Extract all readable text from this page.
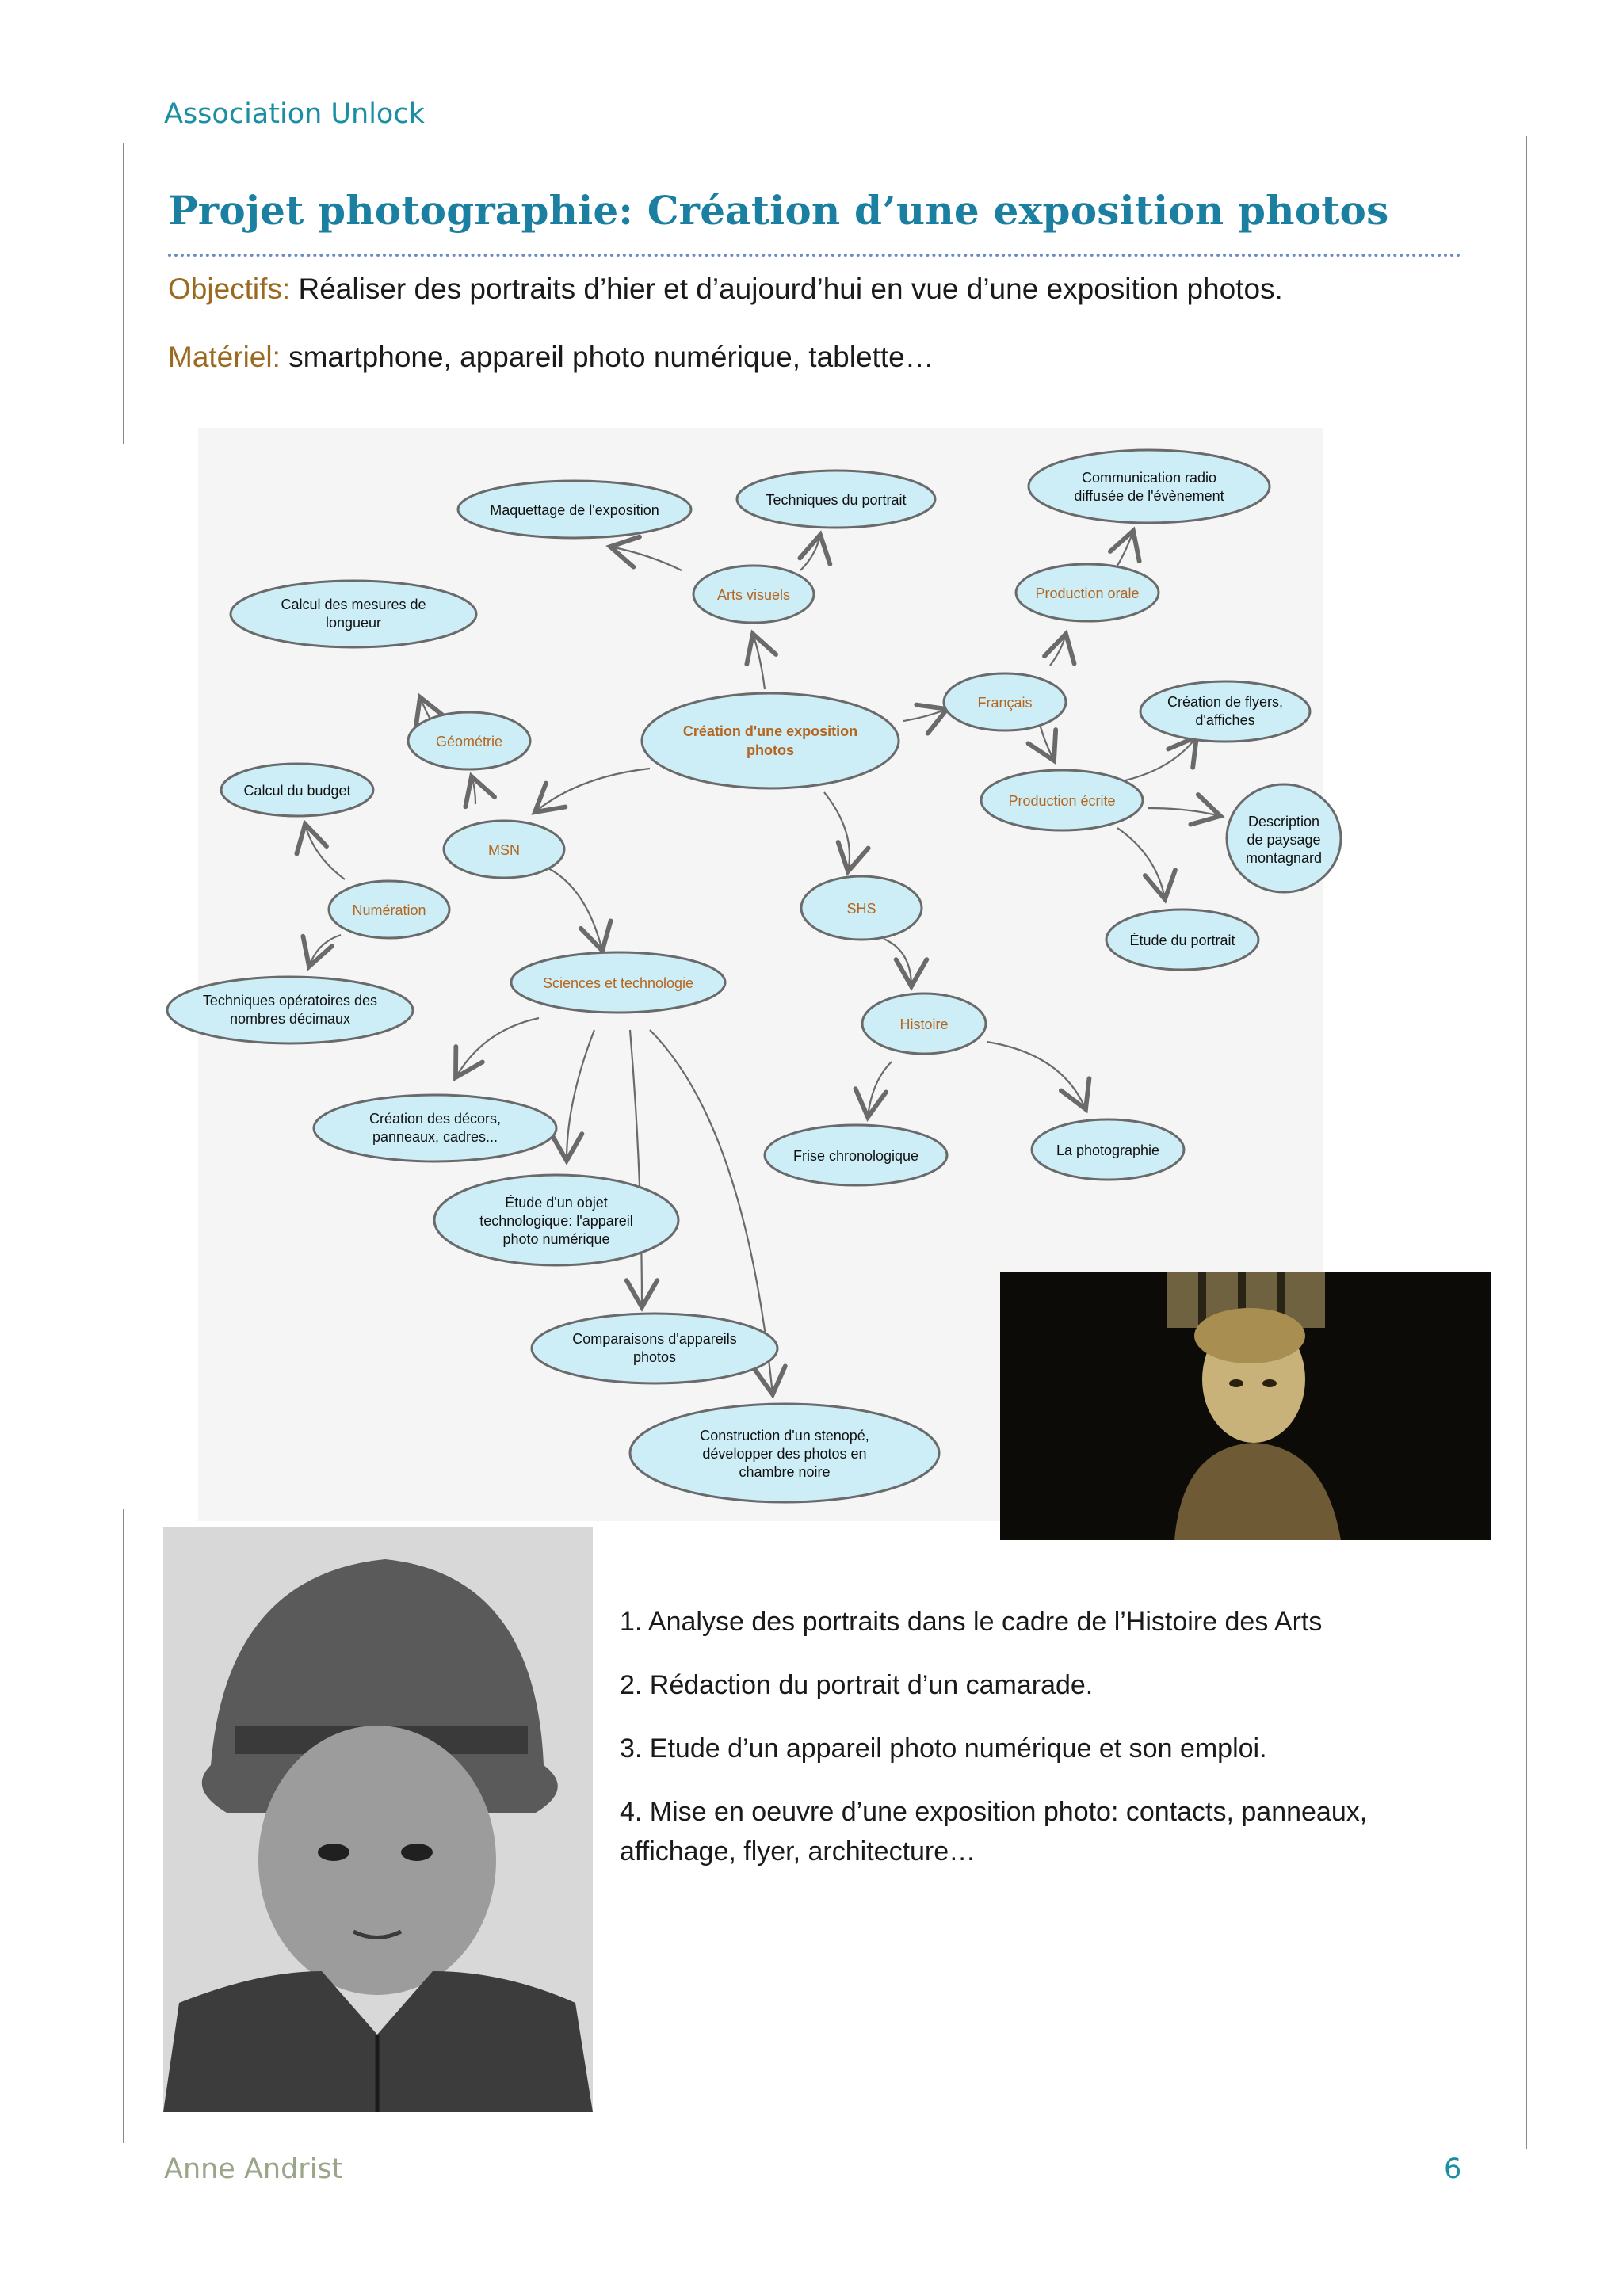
Association Unlock
Projet photographie: Création d’une exposition photos
Objectifs: Réaliser des portraits d’hier et d’aujourd’hui en vue d’une exposition photos.
Matériel: smartphone, appareil photo numérique, tablette…
Création d'une exposition
photos
Maquettage de l'exposition
Techniques du portrait
Communication radio
diffusée de l'évènement
Arts visuels	Production orale
Calcul des mesures de
longueur
Français	Création de flyers,
d'affiches
Géométrie
Production écrite
Calcul du budget
Description
de paysage
montagnard
MSN
SHS
Numération
Étude du portrait
Sciences et technologie
Techniques opératoires des
nombres décimaux	Histoire
Création des décors,
panneaux, cadres...
Frise chronologique	La photographie
Étude d'un objet
technologique: l'appareil
photo numérique
Comparaisons d'appareils
photos
Construction d'un stenopé,
développer des photos en
chambre noire
1. Analyse des portraits dans le cadre de l’Histoire des Arts
2. Rédaction du portrait d’un camarade.
3. Etude d’un appareil photo numérique et son emploi.
4. Mise en oeuvre d’une exposition photo: contacts, panneaux,
affichage, flyer, architecture…
Anne Andrist	6
